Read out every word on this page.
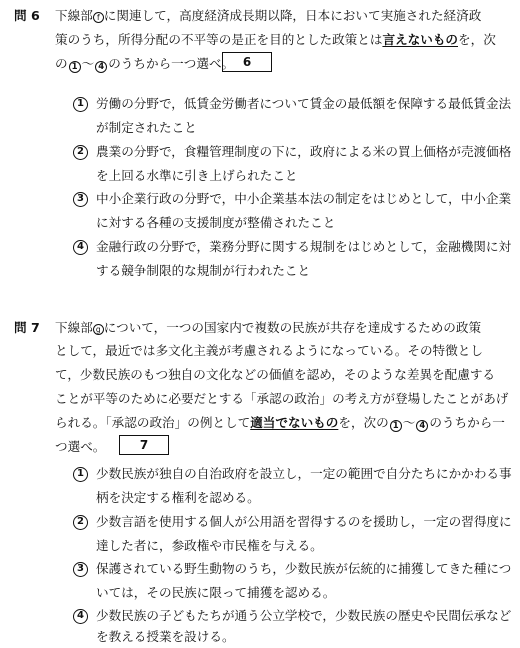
問 6 下線部 f に関連して，高度経済成長期以降，日本において実施された経済政
策のうち，所得分配の不平等の是正を目的とした政策とは言えないものを，次
の 1 〜 4 のうちから一つ選べ。 6
1 労働の分野で，低賃金労働者について賃金の最低額を保障する最低賃金法
が制定されたこと
2 農業の分野で，食糧管理制度の下に，政府による米の買上価格が売渡価格
を上回る水準に引き上げられたこと
3 中小企業行政の分野で，中小企業基本法の制定をはじめとして，中小企業
に対する各種の支援制度が整備されたこと
4 金融行政の分野で，業務分野に関する規制をはじめとして，金融機関に対
する競争制限的な規制が行われたこと
問 7 下線部 g について，一つの国家内で複数の民族が共存を達成するための政策
として，最近では多文化主義が考慮されるようになっている。その特徴とし
て，少数民族のもつ独自の文化などの価値を認め，そのような差異を配慮する
ことが平等のために必要だとする「承認の政治」の考え方が登場したことがあげ
られる。「承認の政治」の例として適当でないものを，次の 1 〜 4 のうちから一
つ選べ。	7
1 少数民族が独自の自治政府を設立し，一定の範囲で自分たちにかかわる事
柄を決定する権利を認める。
2 少数言語を使用する個人が公用語を習得するのを援助し，一定の習得度に
達した者に，参政権や市民権を与える。
3 保護されている野生動物のうち，少数民族が伝統的に捕獲してきた種につ
いては，その民族に限って捕獲を認める。
4 少数民族の子どもたちが通う公立学校で，少数民族の歴史や民間伝承など
を教える授業を設ける。
